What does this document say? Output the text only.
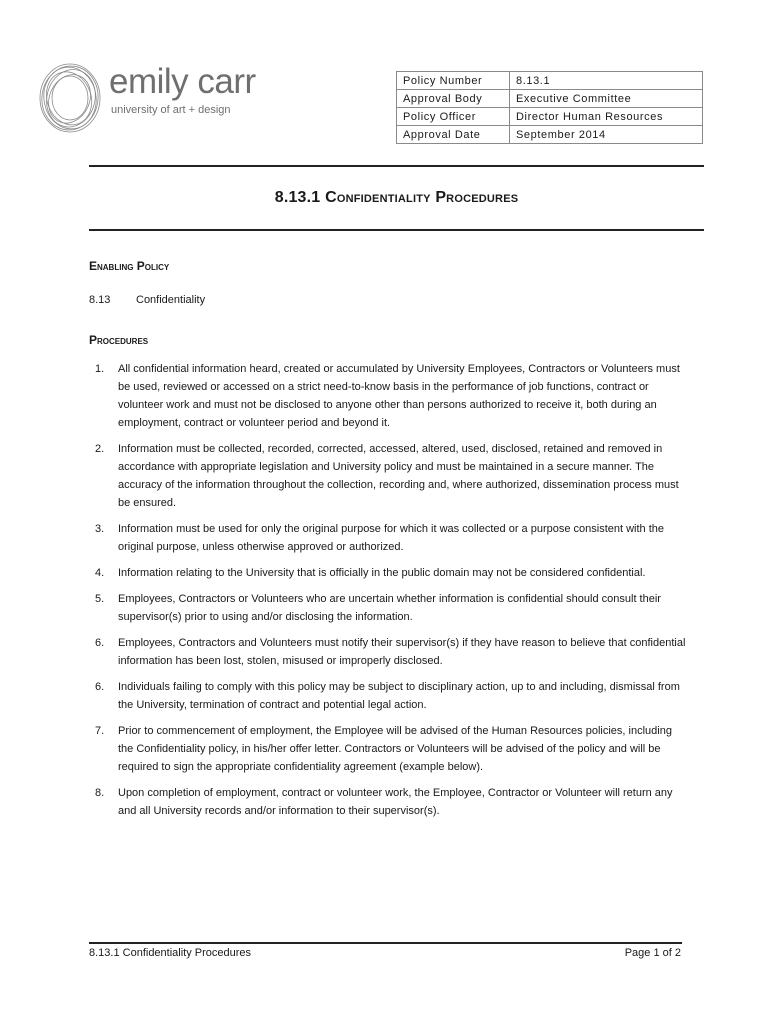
emily carr
university of art + design
Policy Number	8.13.1
Approval Body	Executive Committee
Policy Officer	Director Human Resources
Approval Date	September 2014
8.13.1 Confidentiality Procedures
Enabling Policy
8.13 Confidentiality
Procedures
1. All confidential information heard, created or accumulated by University Employees, Contractors or Volunteers must be used, reviewed or accessed on a strict need-to-know basis in the performance of job functions, contract or volunteer work and must not be disclosed to anyone other than persons authorized to receive it, both during an employment, contract or volunteer period and beyond it.
2. Information must be collected, recorded, corrected, accessed, altered, used, disclosed, retained and removed in accordance with appropriate legislation and University policy and must be maintained in a secure manner. The accuracy of the information throughout the collection, recording and, where authorized, dissemination process must be ensured.
3. Information must be used for only the original purpose for which it was collected or a purpose consistent with the original purpose, unless otherwise approved or authorized.
4. Information relating to the University that is officially in the public domain may not be considered confidential.
5. Employees, Contractors or Volunteers who are uncertain whether information is confidential should consult their supervisor(s) prior to using and/or disclosing the information.
6. Employees, Contractors and Volunteers must notify their supervisor(s) if they have reason to believe that confidential information has been lost, stolen, misused or improperly disclosed.
6. Individuals failing to comply with this policy may be subject to disciplinary action, up to and including, dismissal from the University, termination of contract and potential legal action.
7. Prior to commencement of employment, the Employee will be advised of the Human Resources policies, including the Confidentiality policy, in his/her offer letter. Contractors or Volunteers will be advised of the policy and will be required to sign the appropriate confidentiality agreement (example below).
8. Upon completion of employment, contract or volunteer work, the Employee, Contractor or Volunteer will return any and all University records and/or information to their supervisor(s).
8.13.1 Confidentiality Procedures	Page 1 of 2
